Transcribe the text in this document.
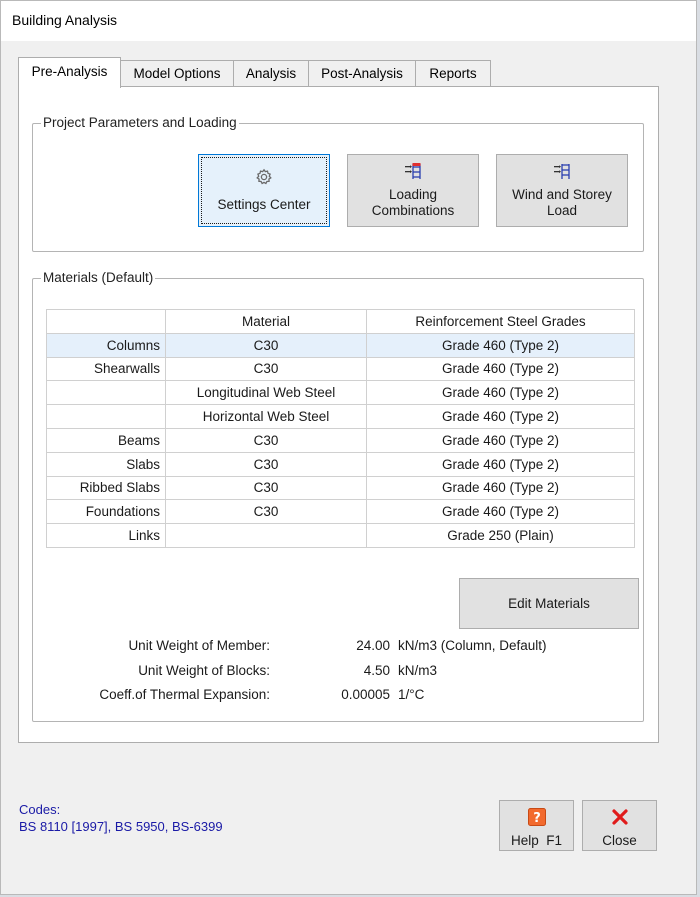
Building Analysis
Pre-Analysis	Model Options	Analysis	Post-Analysis	Reports
Project Parameters and Loading
Settings Center
Loading
Combinations
Wind and Storey
Load
Materials (Default)
	Material	Reinforcement Steel Grades
Columns	C30	Grade 460 (Type 2)
Shearwalls	C30	Grade 460 (Type 2)
	Longitudinal Web Steel	Grade 460 (Type 2)
	Horizontal Web Steel	Grade 460 (Type 2)
Beams	C30	Grade 460 (Type 2)
Slabs	C30	Grade 460 (Type 2)
Ribbed Slabs	C30	Grade 460 (Type 2)
Foundations	C30	Grade 460 (Type 2)
Links		Grade 250 (Plain)
Edit Materials
Unit Weight of Member:	24.00 kN/m3 (Column, Default)
Unit Weight of Blocks:	4.50 kN/m3
Coeff.of Thermal Expansion:	0.00005 1/°C
Codes:
BS 8110 [1997], BS 5950, BS-6399
?
Help F1	Close
